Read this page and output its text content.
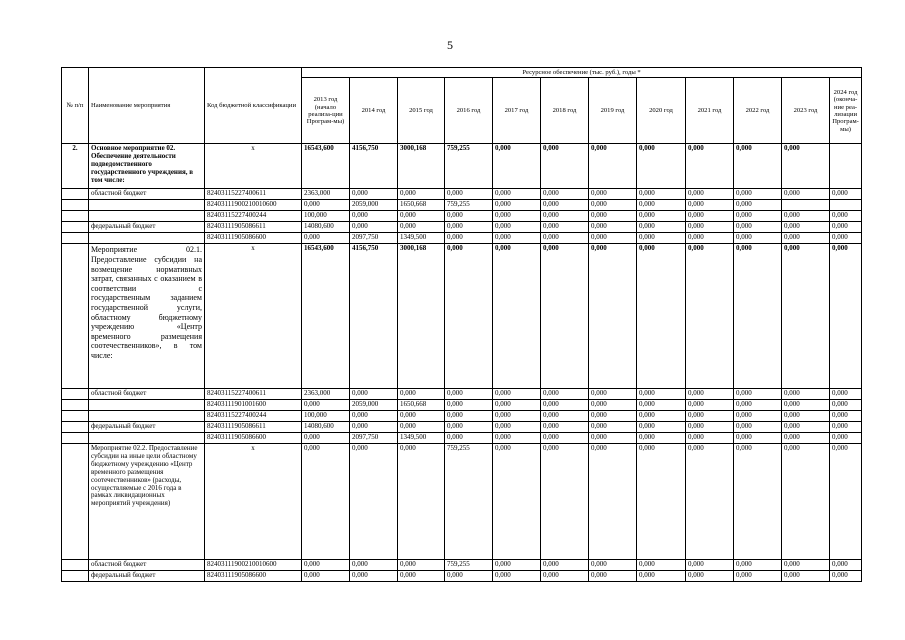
5
№ п/п	Наименование мероприятия	Код бюджетной классификации	Ресурсное обеспечение (тыс. руб.), годы *											
			2013 год (начало реализа-ции Програм-мы)	2014 год	2015 год	2016 год	2017 год	2018 год	2019 год	2020 год	2021 год	2022 год	2023 год	2024 год (оконча-ние реа-лизации Програм-мы)
2.	Основное мероприятие 02. Обеспечение деятельности подведомственного государственного учреждения, в том числе:	х	16543,600	4156,750	3000,168	759,255	0,000	0,000	0,000	0,000	0,000	0,000	0,000	
	областной бюджет	82403115227400611	2363,000	0,000	0,000	0,000	0,000	0,000	0,000	0,000	0,000	0,000	0,000	0,000
		82403111900210010600	0,000	2059,000	1650,668	759,255	0,000	0,000	0,000	0,000	0,000	0,000		
		82403115227400244	100,000	0,000	0,000	0,000	0,000	0,000	0,000	0,000	0,000	0,000	0,000	0,000
	федеральный бюджет	82403111905086611	14080,600	0,000	0,000	0,000	0,000	0,000	0,000	0,000	0,000	0,000	0,000	0,000
		82403111905086600	0,000	2097,750	1349,500	0,000	0,000	0,000	0,000	0,000	0,000	0,000	0,000	0,000
	Мероприятие 02.1. Предоставление субсидии на возмещение нормативных затрат, связанных с оказанием в соответствии с государственным заданием государственной услуги, областному бюджетному учреждению «Центр временного размещения соотечественников», в том числе:	х	16543,600	4156,750	3000,168	0,000	0,000	0,000	0,000	0,000	0,000	0,000	0,000	0,000
	областной бюджет	82403115227400611	2363,000	0,000	0,000	0,000	0,000	0,000	0,000	0,000	0,000	0,000	0,000	0,000
		82403111901001600	0,000	2059,000	1650,668	0,000	0,000	0,000	0,000	0,000	0,000	0,000	0,000	0,000
		82403115227400244	100,000	0,000	0,000	0,000	0,000	0,000	0,000	0,000	0,000	0,000	0,000	0,000
	федеральный бюджет	82403111905086611	14080,600	0,000	0,000	0,000	0,000	0,000	0,000	0,000	0,000	0,000	0,000	0,000
		82403111905086600	0,000	2097,750	1349,500	0,000	0,000	0,000	0,000	0,000	0,000	0,000	0,000	0,000
	Мероприятие 02.2. Предоставление субсидии на иные цели областному бюджетному учреждению «Центр временного размещения соотечественников» (расходы, осуществляемые с 2016 года в рамках ликвидационных мероприятий учреждения)	х	0,000	0,000	0,000	759,255	0,000	0,000	0,000	0,000	0,000	0,000	0,000	0,000
	областной бюджет	82403111900210010600	0,000	0,000	0,000	759,255	0,000	0,000	0,000	0,000	0,000	0,000	0,000	0,000
	федеральный бюджет	82403111905086600	0,000	0,000	0,000	0,000	0,000	0,000	0,000	0,000	0,000	0,000	0,000	0,000
